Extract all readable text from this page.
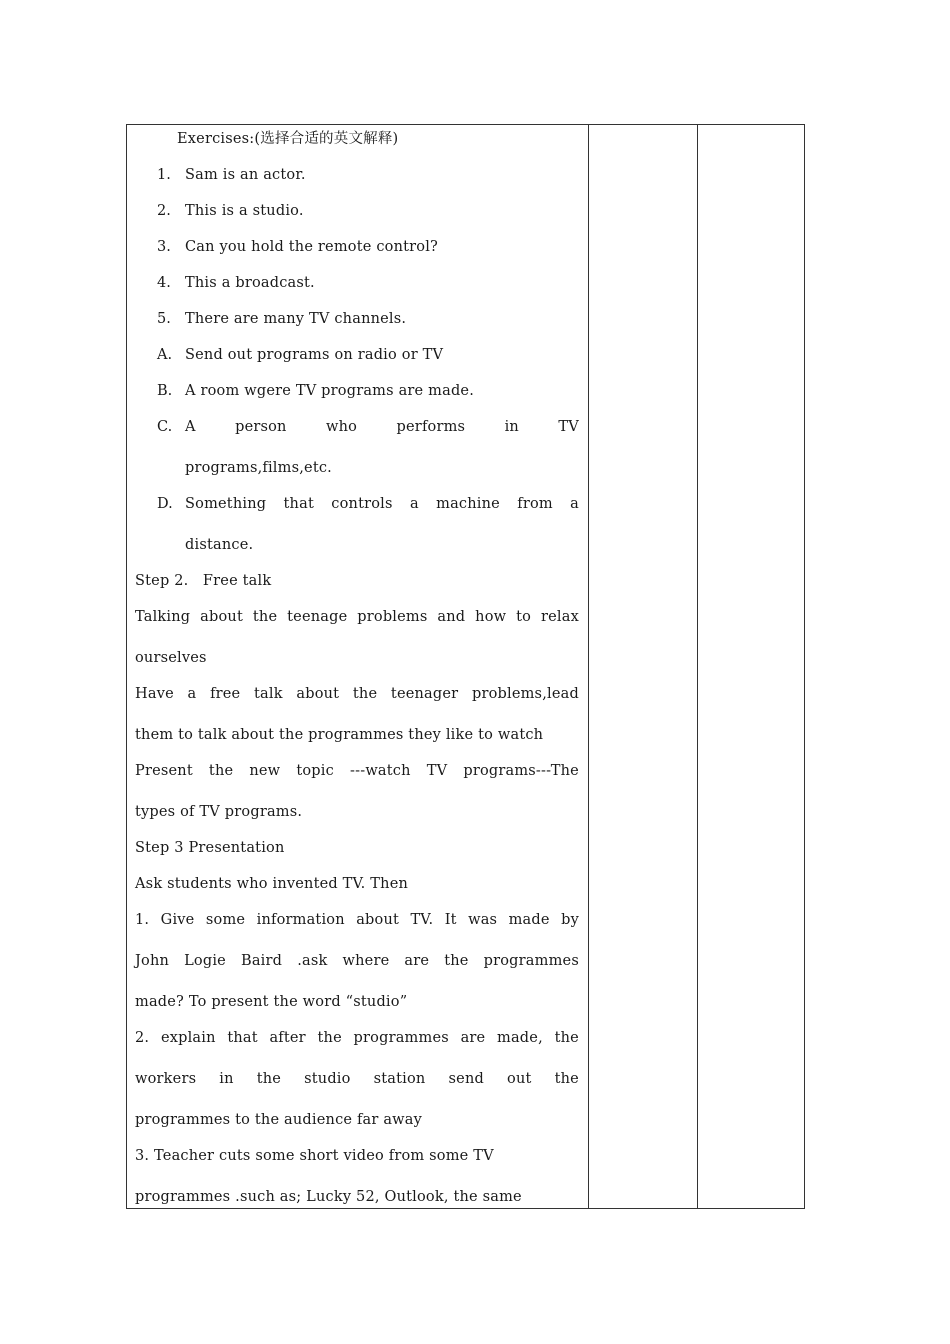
Exercises:(选择合适的英文解释)
1. Sam is an actor.
2. This is a studio.
3. Can you hold the remote control?
4. This a broadcast.
5. There are many TV channels.
A. Send out programs on radio or TV
B. A room wgere TV programs are made.
C. A	person	who	performs	in	TV
programs,films,etc.
D. Something that controls a machine from a
distance.
Step 2.   Free talk
Talking about the teenage problems and how to relax
ourselves
Have a free talk about the teenager problems,lead
them to talk about the programmes they like to watch
Present the new topic ---watch TV programs---The
types of TV programs.
Step 3 Presentation
Ask students who invented TV. Then
1. Give some information about TV. It was made by
John Logie Baird .ask where are the programmes
made? To present the word “studio”
2. explain that after the programmes are made, the
workers in the studio station send out the
programmes to the audience far away
3. Teacher cuts some short video from some TV
programmes .such as; Lucky 52, Outlook, the same
